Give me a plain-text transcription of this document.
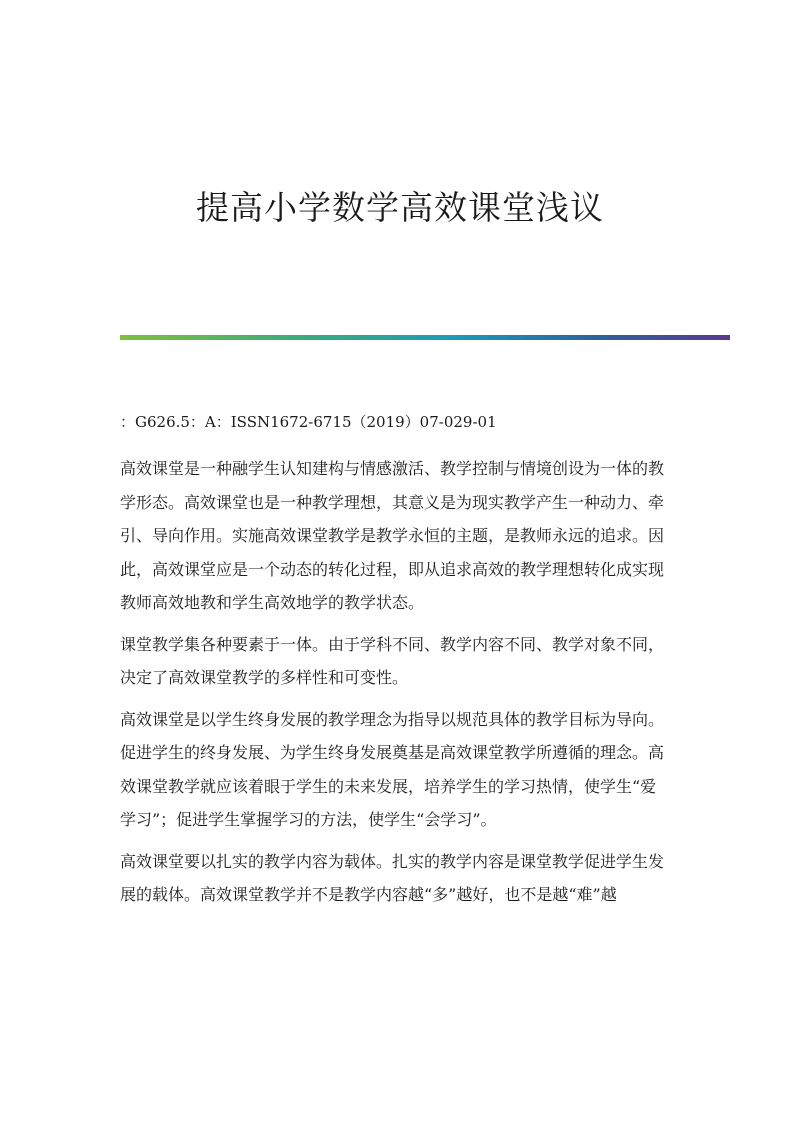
提高小学数学高效课堂浅议

：G626.5：A：ISSN1672-6715（2019）07-029-01

高效课堂是一种融学生认知建构与情感激活、教学控制与情境创设为一体的教
学形态。高效课堂也是一种教学理想，其意义是为现实教学产生一种动力、牵
引、导向作用。实施高效课堂教学是教学永恒的主题，是教师永远的追求。因
此，高效课堂应是一个动态的转化过程，即从追求高效的教学理想转化成实现
教师高效地教和学生高效地学的教学状态。

课堂教学集各种要素于一体。由于学科不同、教学内容不同、教学对象不同，
决定了高效课堂教学的多样性和可变性。

高效课堂是以学生终身发展的教学理念为指导以规范具体的教学目标为导向。
促进学生的终身发展、为学生终身发展奠基是高效课堂教学所遵循的理念。高
效课堂教学就应该着眼于学生的未来发展，培养学生的学习热情，使学生“爱
学习”；促进学生掌握学习的方法，使学生“会学习”。

高效课堂要以扎实的教学内容为载体。扎实的教学内容是课堂教学促进学生发
展的载体。高效课堂教学并不是教学内容越“多”越好，也不是越“难”越
